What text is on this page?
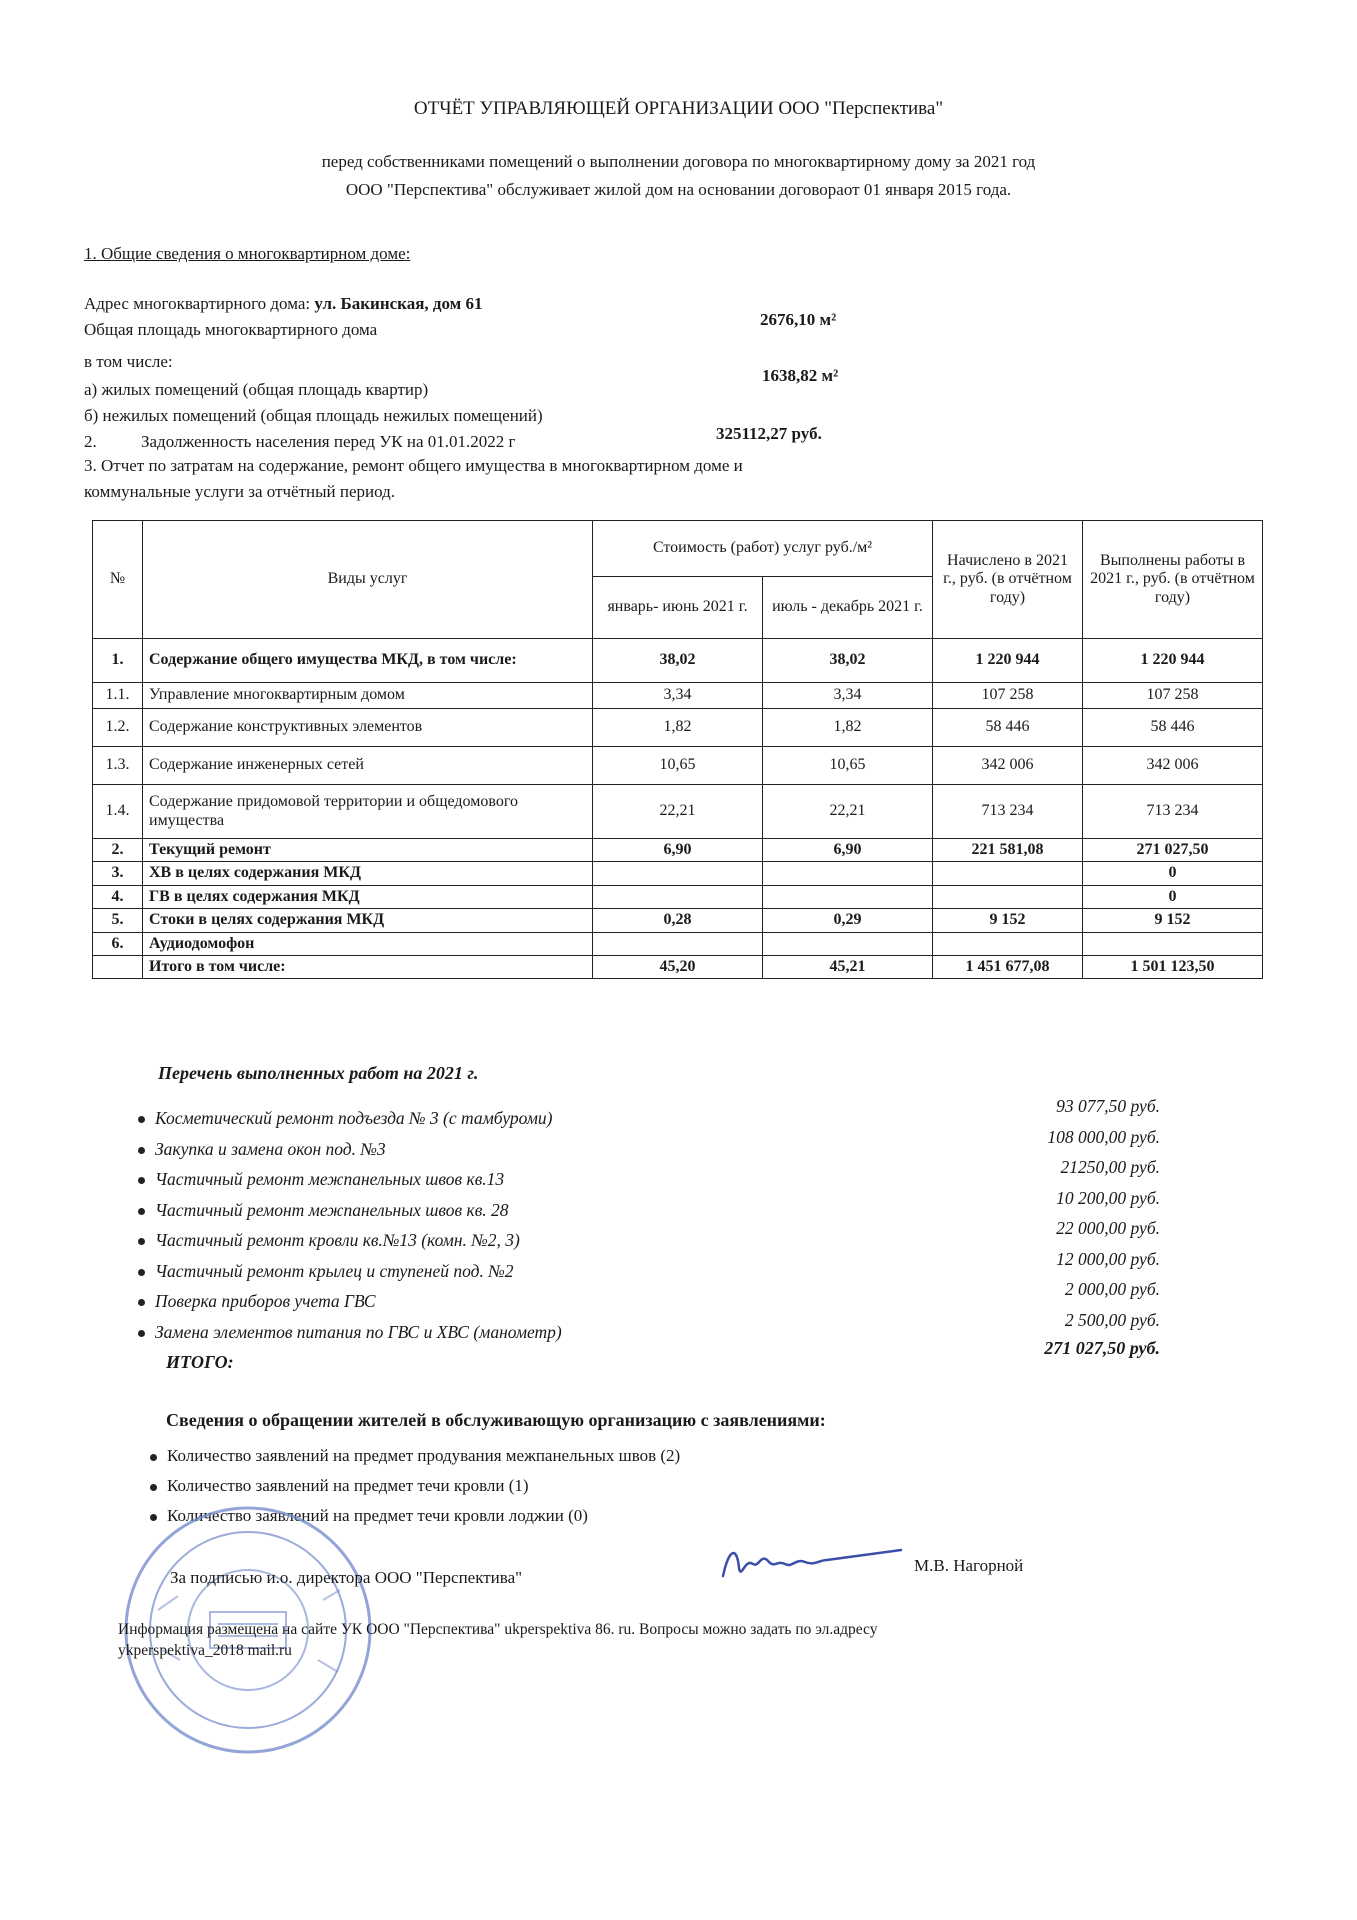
ОТЧЁТ УПРАВЛЯЮЩЕЙ ОРГАНИЗАЦИИ ООО "Перспектива"
перед собственниками помещений о выполнении договора по многоквартирному дому за 2021 год
ООО "Перспектива" обслуживает жилой дом на основании договораот 01 января 2015 года.
1. Общие сведения о многоквартирном доме:
Адрес многоквартирного дома: ул. Бакинская, дом 61
Общая площадь многоквартирного дома
2676,10 м²
в том числе:
а) жилых помещений (общая площадь квартир)
1638,82 м²
б) нежилых помещений (общая площадь нежилых помещений)
2.	Задолженность населения перед УК на 01.01.2022 г	325112,27 руб.
3. Отчет по затратам на содержание, ремонт общего имущества в многоквартирном доме и
коммунальные услуги за отчётный период.
№	Виды услуг	Стоимость (работ) услуг руб./м²		Начислено в 2021 г., руб. (в отчётном году)	Выполнены работы в 2021 г., руб. (в отчётном году)
		январь- июнь 2021 г.	июль - декабрь 2021 г.		
1.	Содержание общего имущества МКД, в том числе:	38,02	38,02	1 220 944	1 220 944
1.1.	Управление многоквартирным домом	3,34	3,34	107 258	107 258
1.2.	Содержание конструктивных элементов	1,82	1,82	58 446	58 446
1.3.	Содержание инженерных сетей	10,65	10,65	342 006	342 006
1.4.	Содержание придомовой территории и общедомового имущества	22,21	22,21	713 234	713 234
2.	Текущий ремонт	6,90	6,90	221 581,08	271 027,50
3.	ХВ в целях содержания МКД				0
4.	ГВ в целях содержания МКД				0
5.	Стоки в целях содержания МКД	0,28	0,29	9 152	9 152
6.	Аудиодомофон				
	Итого в том числе:	45,20	45,21	1 451 677,08	1 501 123,50
Перечень выполненных работ на 2021 г.
Косметический ремонт подъезда № 3 (с тамбуроми)
93 077,50 руб.
Закупка и замена окон под. №3
108 000,00 руб.
Частичный ремонт межпанельных швов кв.13
21250,00 руб.
Частичный ремонт межпанельных швов кв. 28
10 200,00 руб.
Частичный ремонт кровли кв.№13 (комн. №2, 3)
22 000,00 руб.
Частичный ремонт крылец и ступеней под. №2
12 000,00 руб.
Поверка приборов учета ГВС
2 000,00 руб.
Замена элементов питания по ГВС и ХВС (манометр)
2 500,00 руб.
ИТОГО:
271 027,50 руб.
Сведения о обращении жителей в обслуживающую организацию с заявлениями:
Количество заявлений на предмет продувания межпанельных швов (2)
Количество заявлений на предмет течи кровли (1)
Количество заявлений на предмет течи кровли лоджии (0)
За подписью и.о. директора ООО "Перспектива"
М.В. Нагорной
Информация размещена на сайте УК ООО "Перспектива" ukperspektiva 86. ru. Вопросы можно задать по эл.адресу
ykperspektiva_2018 mail.ru
